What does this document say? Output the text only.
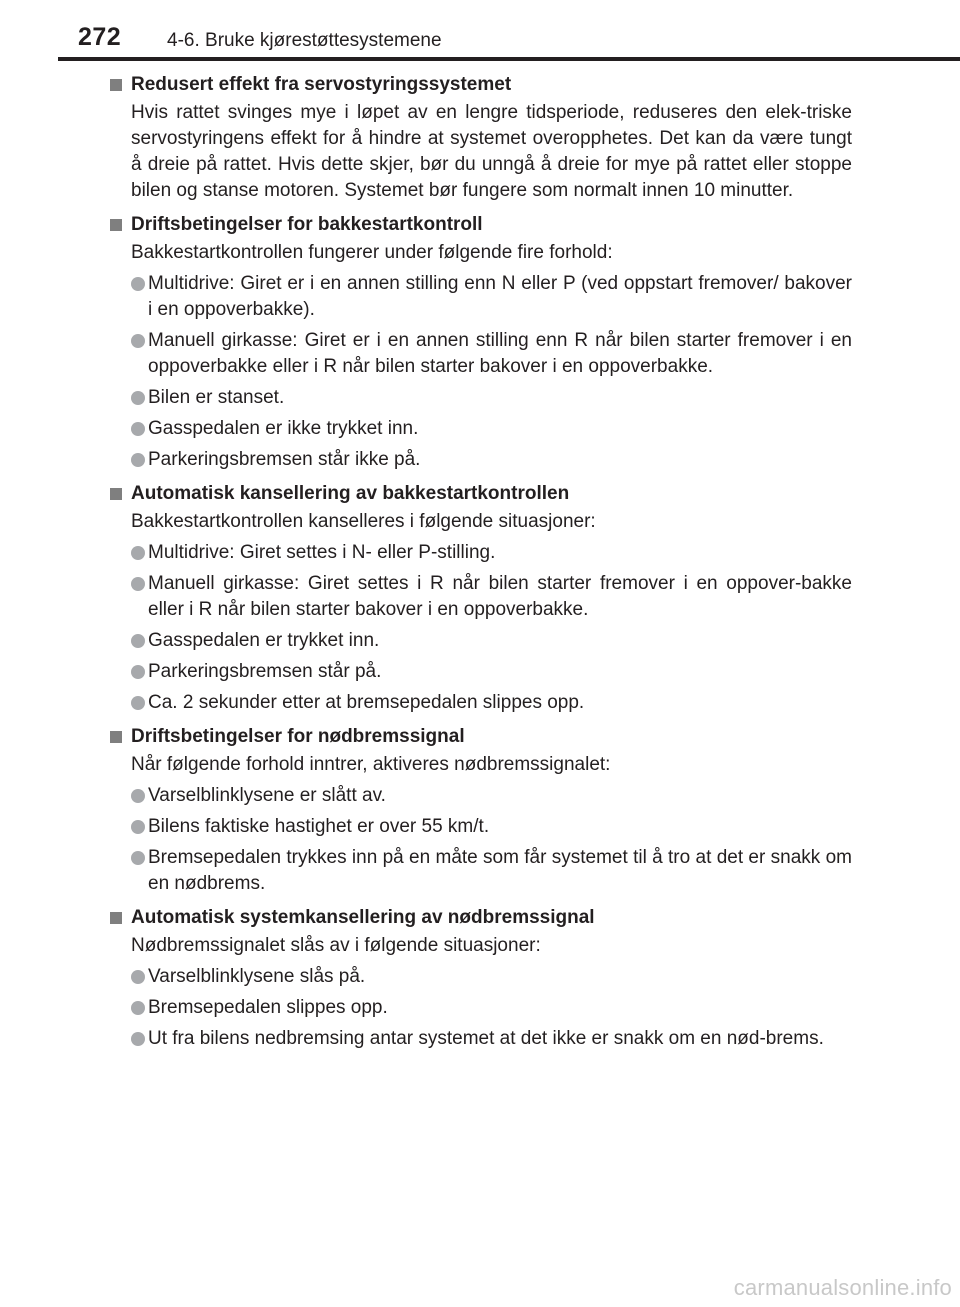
272 4-6. Bruke kjørestøttesystemene
Redusert effekt fra servostyringssystemet

Hvis rattet svinges mye i løpet av en lengre tidsperiode, reduseres den elek-triske servostyringens effekt for å hindre at systemet overopphetes. Det kan da være tungt å dreie på rattet. Hvis dette skjer, bør du unngå å dreie for mye på rattet eller stoppe bilen og stanse motoren. Systemet bør fungere som normalt innen 10 minutter.

Driftsbetingelser for bakkestartkontroll

Bakkestartkontrollen fungerer under følgende fire forhold:

Multidrive: Giret er i en annen stilling enn N eller P (ved oppstart fremover/ bakover i en oppoverbakke).
Manuell girkasse: Giret er i en annen stilling enn R når bilen starter fremover i en oppoverbakke eller i R når bilen starter bakover i en oppoverbakke.
Bilen er stanset.
Gasspedalen er ikke trykket inn.
Parkeringsbremsen står ikke på.
Automatisk kansellering av bakkestartkontrollen

Bakkestartkontrollen kanselleres i følgende situasjoner:

Multidrive: Giret settes i N- eller P-stilling.
Manuell girkasse: Giret settes i R når bilen starter fremover i en oppover-bakke eller i R når bilen starter bakover i en oppoverbakke.
Gasspedalen er trykket inn.
Parkeringsbremsen står på.
Ca. 2 sekunder etter at bremsepedalen slippes opp.
Driftsbetingelser for nødbremssignal

Når følgende forhold inntrer, aktiveres nødbremssignalet:

Varselblinklysene er slått av.
Bilens faktiske hastighet er over 55 km/t.
Bremsepedalen trykkes inn på en måte som får systemet til å tro at det er snakk om en nødbrems.
Automatisk systemkansellering av nødbremssignal

Nødbremssignalet slås av i følgende situasjoner:

Varselblinklysene slås på.
Bremsepedalen slippes opp.
Ut fra bilens nedbremsing antar systemet at det ikke er snakk om en nød-brems.
carmanualsonline.info
